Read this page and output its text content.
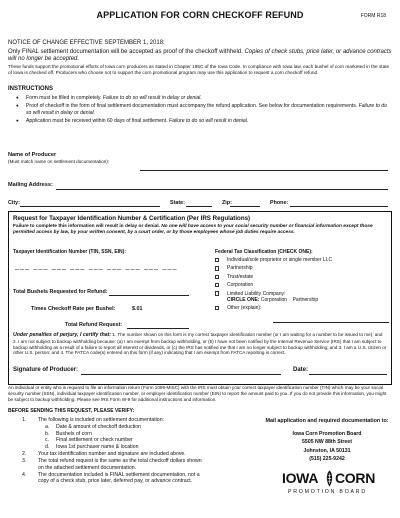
APPLICATION FOR CORN CHECKOFF REFUND	FORM R18
NOTICE OF CHANGE EFFECTIVE SEPTEMBER 1, 2018:
Only FINAL settlement documentation will be accepted as proof of the checkoff withheld. Copies of check stubs, price later, or advance contracts will no longer be accepted.
These funds support the promotional efforts of Iowa corn producers as stated in Chapter 185C of the Iowa Code. In compliance with Iowa law, each bushel of corn marketed in the state of Iowa is checked off. Producers who choose not to support the corn promotional program may use this application to request a corn checkoff refund.
INSTRUCTIONS
● Form must be filled in completely. Failure to do so will result in delay or denial.
● Proof of checkoff in the form of final settlement documentation must accompany the refund application. See below for documentation requirements. Failure to do so will result in delay or denial.
● Application must be received within 60 days of final settlement. Failure to do so will result in denial.
Name of Producer
(Must match name on settlement documentation):
Mailing Address:
City:	State:	Zip:	Phone:
Request for Taxpayer Identification Number & Certification (Per IRS Regulations)
Failure to complete this information will result in delay or denial. No one will have access to your social security number or financial information except those permitted access by law, by your written consent, by a court order, or by those employees whose job duties require access.
Taxpayer Identification Number (TIN, SSN, EIN):
___ ___ ___ ___ ___ ___ ___ ___ ___
Federal Tax Classification (CHECK ONE):
Individual/sole proprietor or single member LLC
Partnership
Trust/estate
Corporation
Limited Liability Company:
CIRCLE ONE: Corporation    Partnership
Other (explain):
Total Bushels Requested for Refund:
Times Checkoff Rate per Bushel:	$.01
Total Refund Request:
Under penalties of perjury, I certify that: 1. The number shown on this form is my correct taxpayer identification number (or I am waiting for a number to be issued to me); and 2. I am not subject to backup withholding because: (a) I am exempt from backup withholding, or (b) I have not been notified by the Internal Revenue Service (IRS) that I am subject to backup withholding as a result of a failure to report all interest or dividends, or (c) the IRS has notified me that I am no longer subject to backup withholding; and 3. I am a U.S. citizen or other U.S. person; and 4. The FATCA code(s) entered on this form (if any) indicating that I am exempt from FATCA reporting is correct.
Signature of Producer:	Date:
An individual or entity who is required to file an information return (Form 1099-MISC) with the IRS must obtain your correct taxpayer identification number (TIN) which may be your social security number (SSN), individual taxpayer identification number, or employer identification number (EIN) to report the amount paid to you. If you do not provide this information, you might be subject to backup withholding. Please see IRS Form W-9 for additional instructions and information.
BEFORE SENDING THIS REQUEST, PLEASE VERIFY:
1. The following is included on settlement documentation:
a. Date & amount of checkoff deduction
b. Bushels of corn
c. Final settlement or check number
d. Iowa 1st purchaser name & location
2. Your tax identification number and signature are included above.
3. The total refund request is the same as the total checkoff dollars shown on the attached settlement documentation.
4. The documentation included is FINAL settlement documentation, not a copy of a check stub, price later, deferred pay, or advance contract.
Mail application and required documentation to:
Iowa Corn Promotion Board
5505 NW 88th Street
Johnston, IA 50131
(515) 225-9242
IOWA CORN
PROMOTION BOARD
